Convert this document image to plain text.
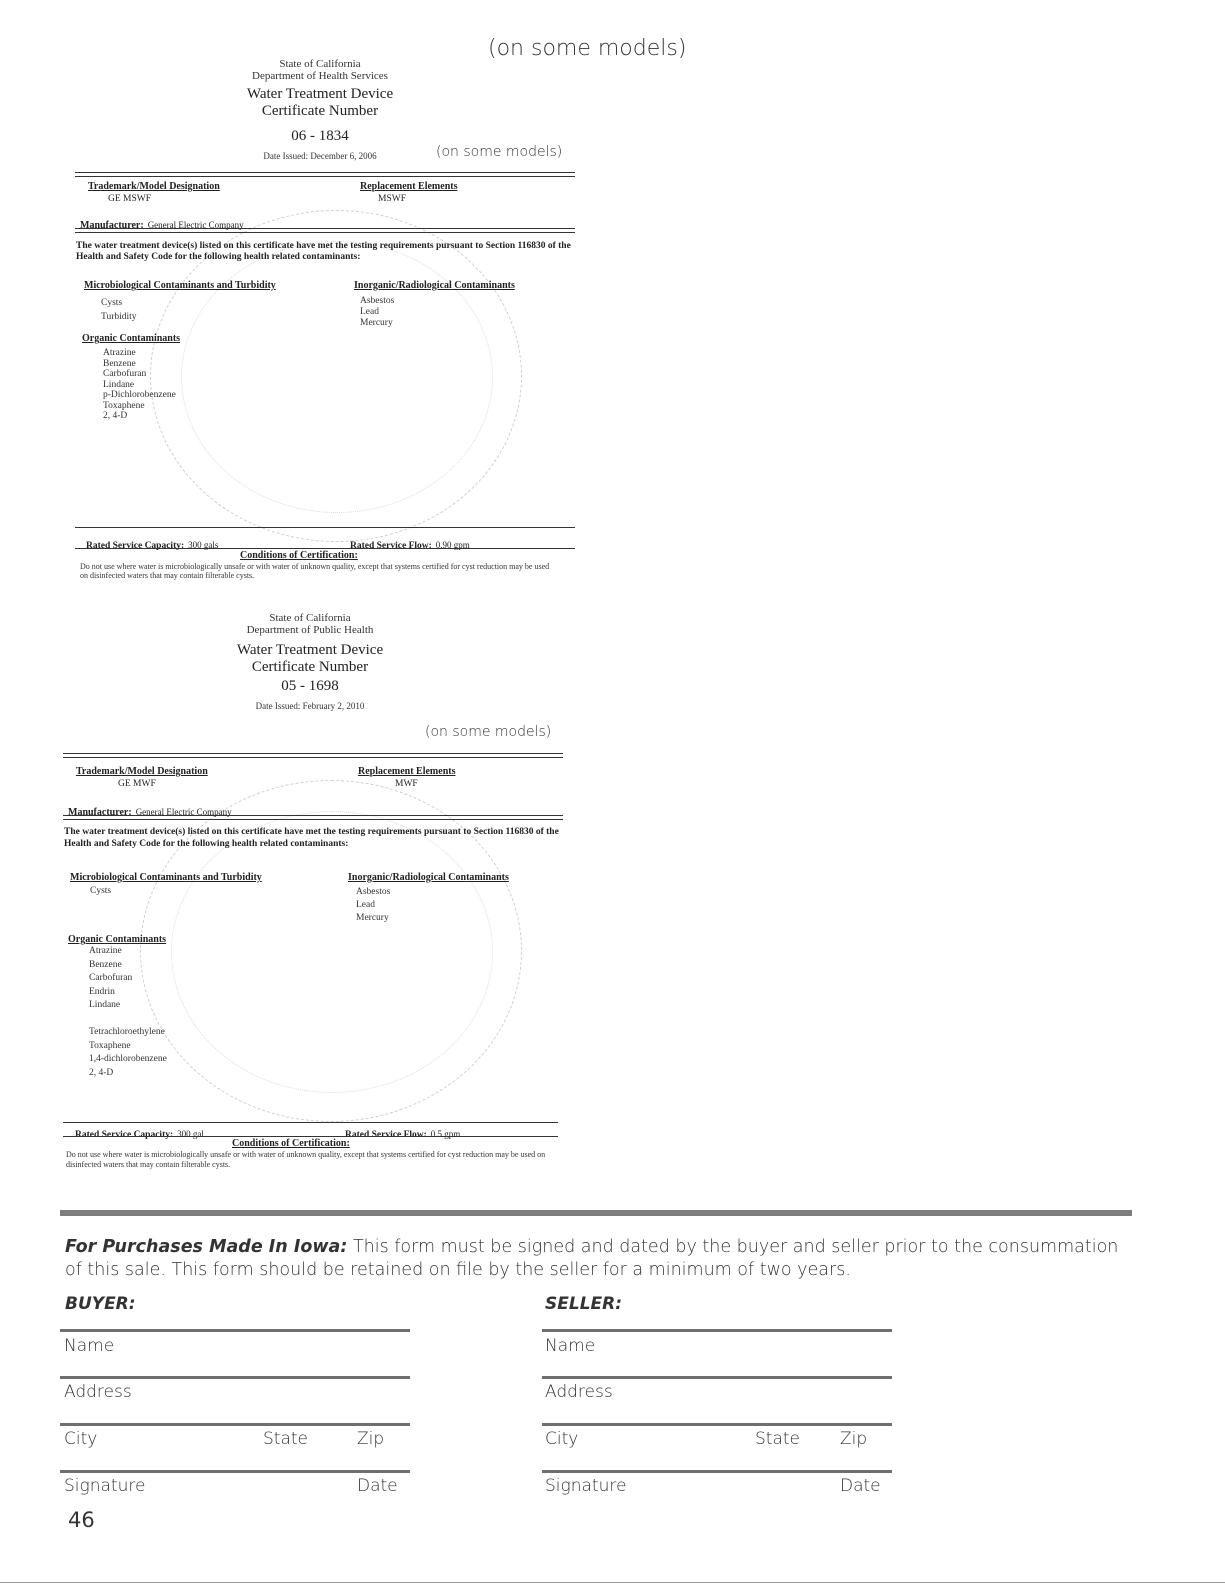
(on some models)
State of California
Department of Health Services
Water Treatment Device
Certificate Number
06 - 1834
Date Issued: December 6, 2006	(on some models)
Trademark/Model Designation
GE MSWF
Replacement Elements
MSWF
Manufacturer: General Electric Company
The water treatment device(s) listed on this certificate have met the testing requirements pursuant to Section 116830 of the Health and Safety Code for the following health related contaminants:
Microbiological Contaminants and Turbidity
Cysts
Turbidity
Inorganic/Radiological Contaminants
Asbestos
Lead
Mercury
Organic Contaminants
Atrazine
Benzene
Carbofuran
Lindane
p-Dichlorobenzene
Toxaphene
2, 4-D
Rated Service Capacity: 300 gals	Rated Service Flow: 0.90 gpm
Conditions of Certification:
Do not use where water is microbiologically unsafe or with water of unknown quality, except that systems certified for cyst reduction may be used on disinfected waters that may contain filterable cysts.
State of California
Department of Public Health
Water Treatment Device
Certificate Number
05 - 1698
Date Issued: February 2, 2010
(on some models)
Trademark/Model Designation
GE MWF
Replacement Elements
MWF
Manufacturer: General Electric Company
The water treatment device(s) listed on this certificate have met the testing requirements pursuant to Section 116830 of the Health and Safety Code for the following health related contaminants:
Microbiological Contaminants and Turbidity
Cysts
Inorganic/Radiological Contaminants
Asbestos
Lead
Mercury
Organic Contaminants
Atrazine
Benzene
Carbofuran
Endrin
Lindane
Tetrachloroethylene
Toxaphene
1,4-dichlorobenzene
2, 4-D
Rated Service Capacity: 300 gal	Rated Service Flow: 0.5 gpm
Conditions of Certification:
Do not use where water is microbiologically unsafe or with water of unknown quality, except that systems certified for cyst reduction may be used on disinfected waters that may contain filterable cysts.
For Purchases Made In Iowa: This form must be signed and dated by the buyer and seller prior to the consummation of this sale. This form should be retained on file by the seller for a minimum of two years.
BUYER:
Name
Address
City	State	Zip
Signature	Date
SELLER:
Name
Address
City	State Zip
Signature	Date
46
